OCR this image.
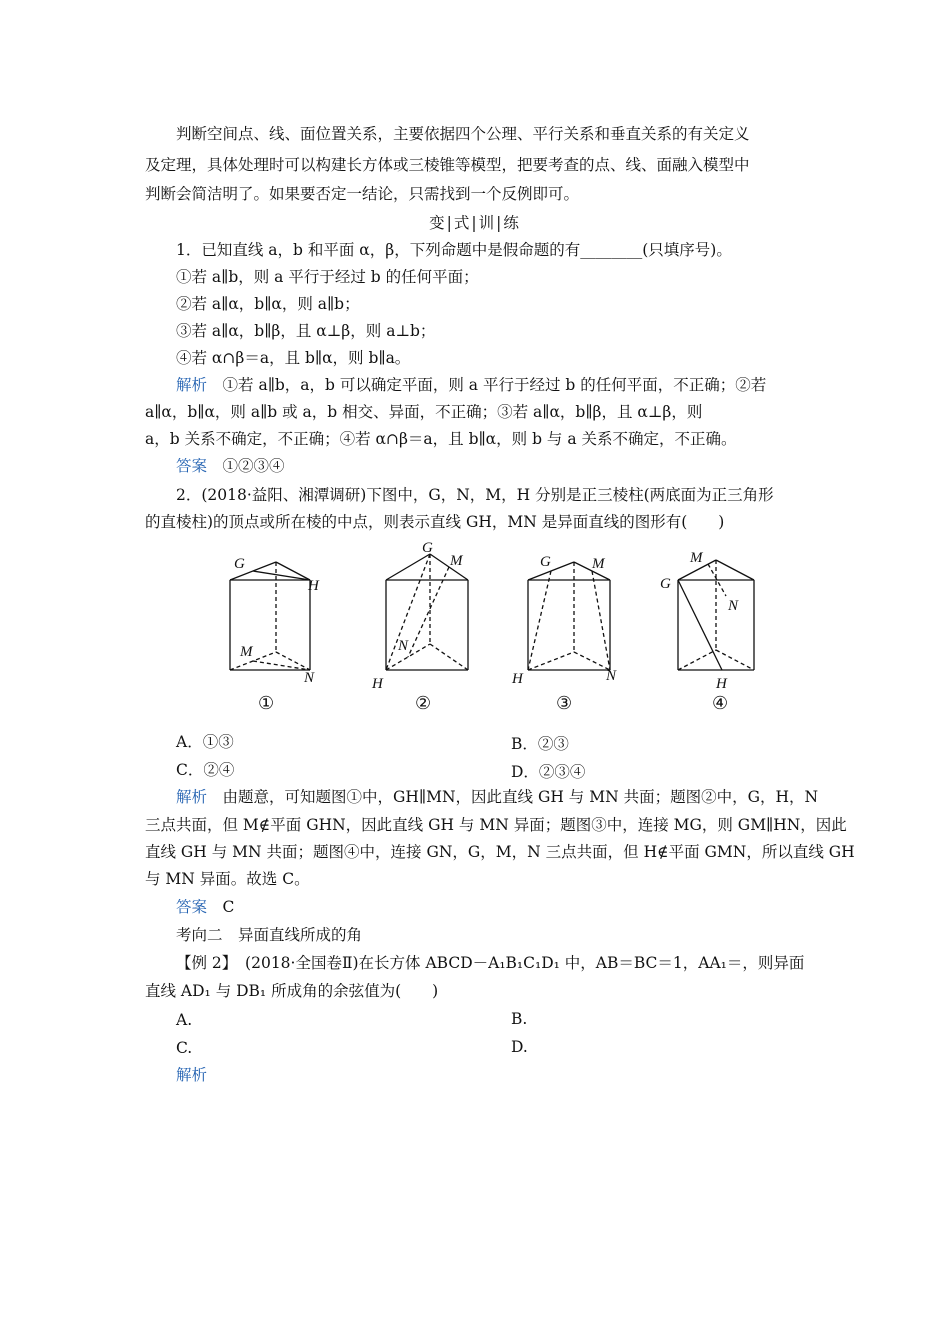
判断空间点、线、面位置关系，主要依据四个公理、平行关系和垂直关系的有关定义
及定理，具体处理时可以构建长方体或三棱锥等模型，把要考查的点、线、面融入模型中
判断会简洁明了。如果要否定一结论，只需找到一个反例即可。
变|式|训|练
1．已知直线 a，b 和平面 α，β，下列命题中是假命题的有________(只填序号)。
①若 a∥b，则 a 平行于经过 b 的任何平面；
②若 a∥α，b∥α，则 a∥b；
③若 a∥α，b∥β，且 α⊥β，则 a⊥b；
④若 α∩β＝a，且 b∥α，则 b∥a。
解析　 ①若 a∥b，a，b 可以确定平面，则 a 平行于经过 b 的任何平面，不正确；②若
a∥α，b∥α，则 a∥b 或 a，b 相交、异面，不正确；③若 a∥α，b∥β，且 α⊥β，则
a，b 关系不确定，不正确；④若 α∩β＝a，且 b∥α，则 b 与 a 关系不确定，不正确。
答案　 ①②③④
2．(2018·益阳、湘潭调研)下图中，G，N，M，H 分别是正三棱柱(两底面为正三角形
的直棱柱)的顶点或所在棱的中点，则表示直线 GH，MN 是异面直线的图形有(　　)
G
H
M
N
①
G
M
N
H
②
G	M
H	N
③
M
G
N
H
④
A．①③	B．②③
C．②④	D．②③④
解析　 由题意，可知题图①中，GH∥MN，因此直线 GH 与 MN 共面；题图②中，G，H，N
三点共面，但 M∉平面 GHN，因此直线 GH 与 MN 异面；题图③中，连接 MG，则 GM∥HN，因此
直线 GH 与 MN 共面；题图④中，连接 GN，G，M，N 三点共面，但 H∉平面 GMN，所以直线 GH
与 MN 异面。故选 C。
答案　 C
考向二　异面直线所成的角
【例 2】　(2018·全国卷Ⅱ)在长方体 ABCD－A₁B₁C₁D₁ 中，AB＝BC＝1，AA₁＝，则异面
直线 AD₁ 与 DB₁ 所成角的余弦值为(　　)
A.	B.
C.	D.
解析
